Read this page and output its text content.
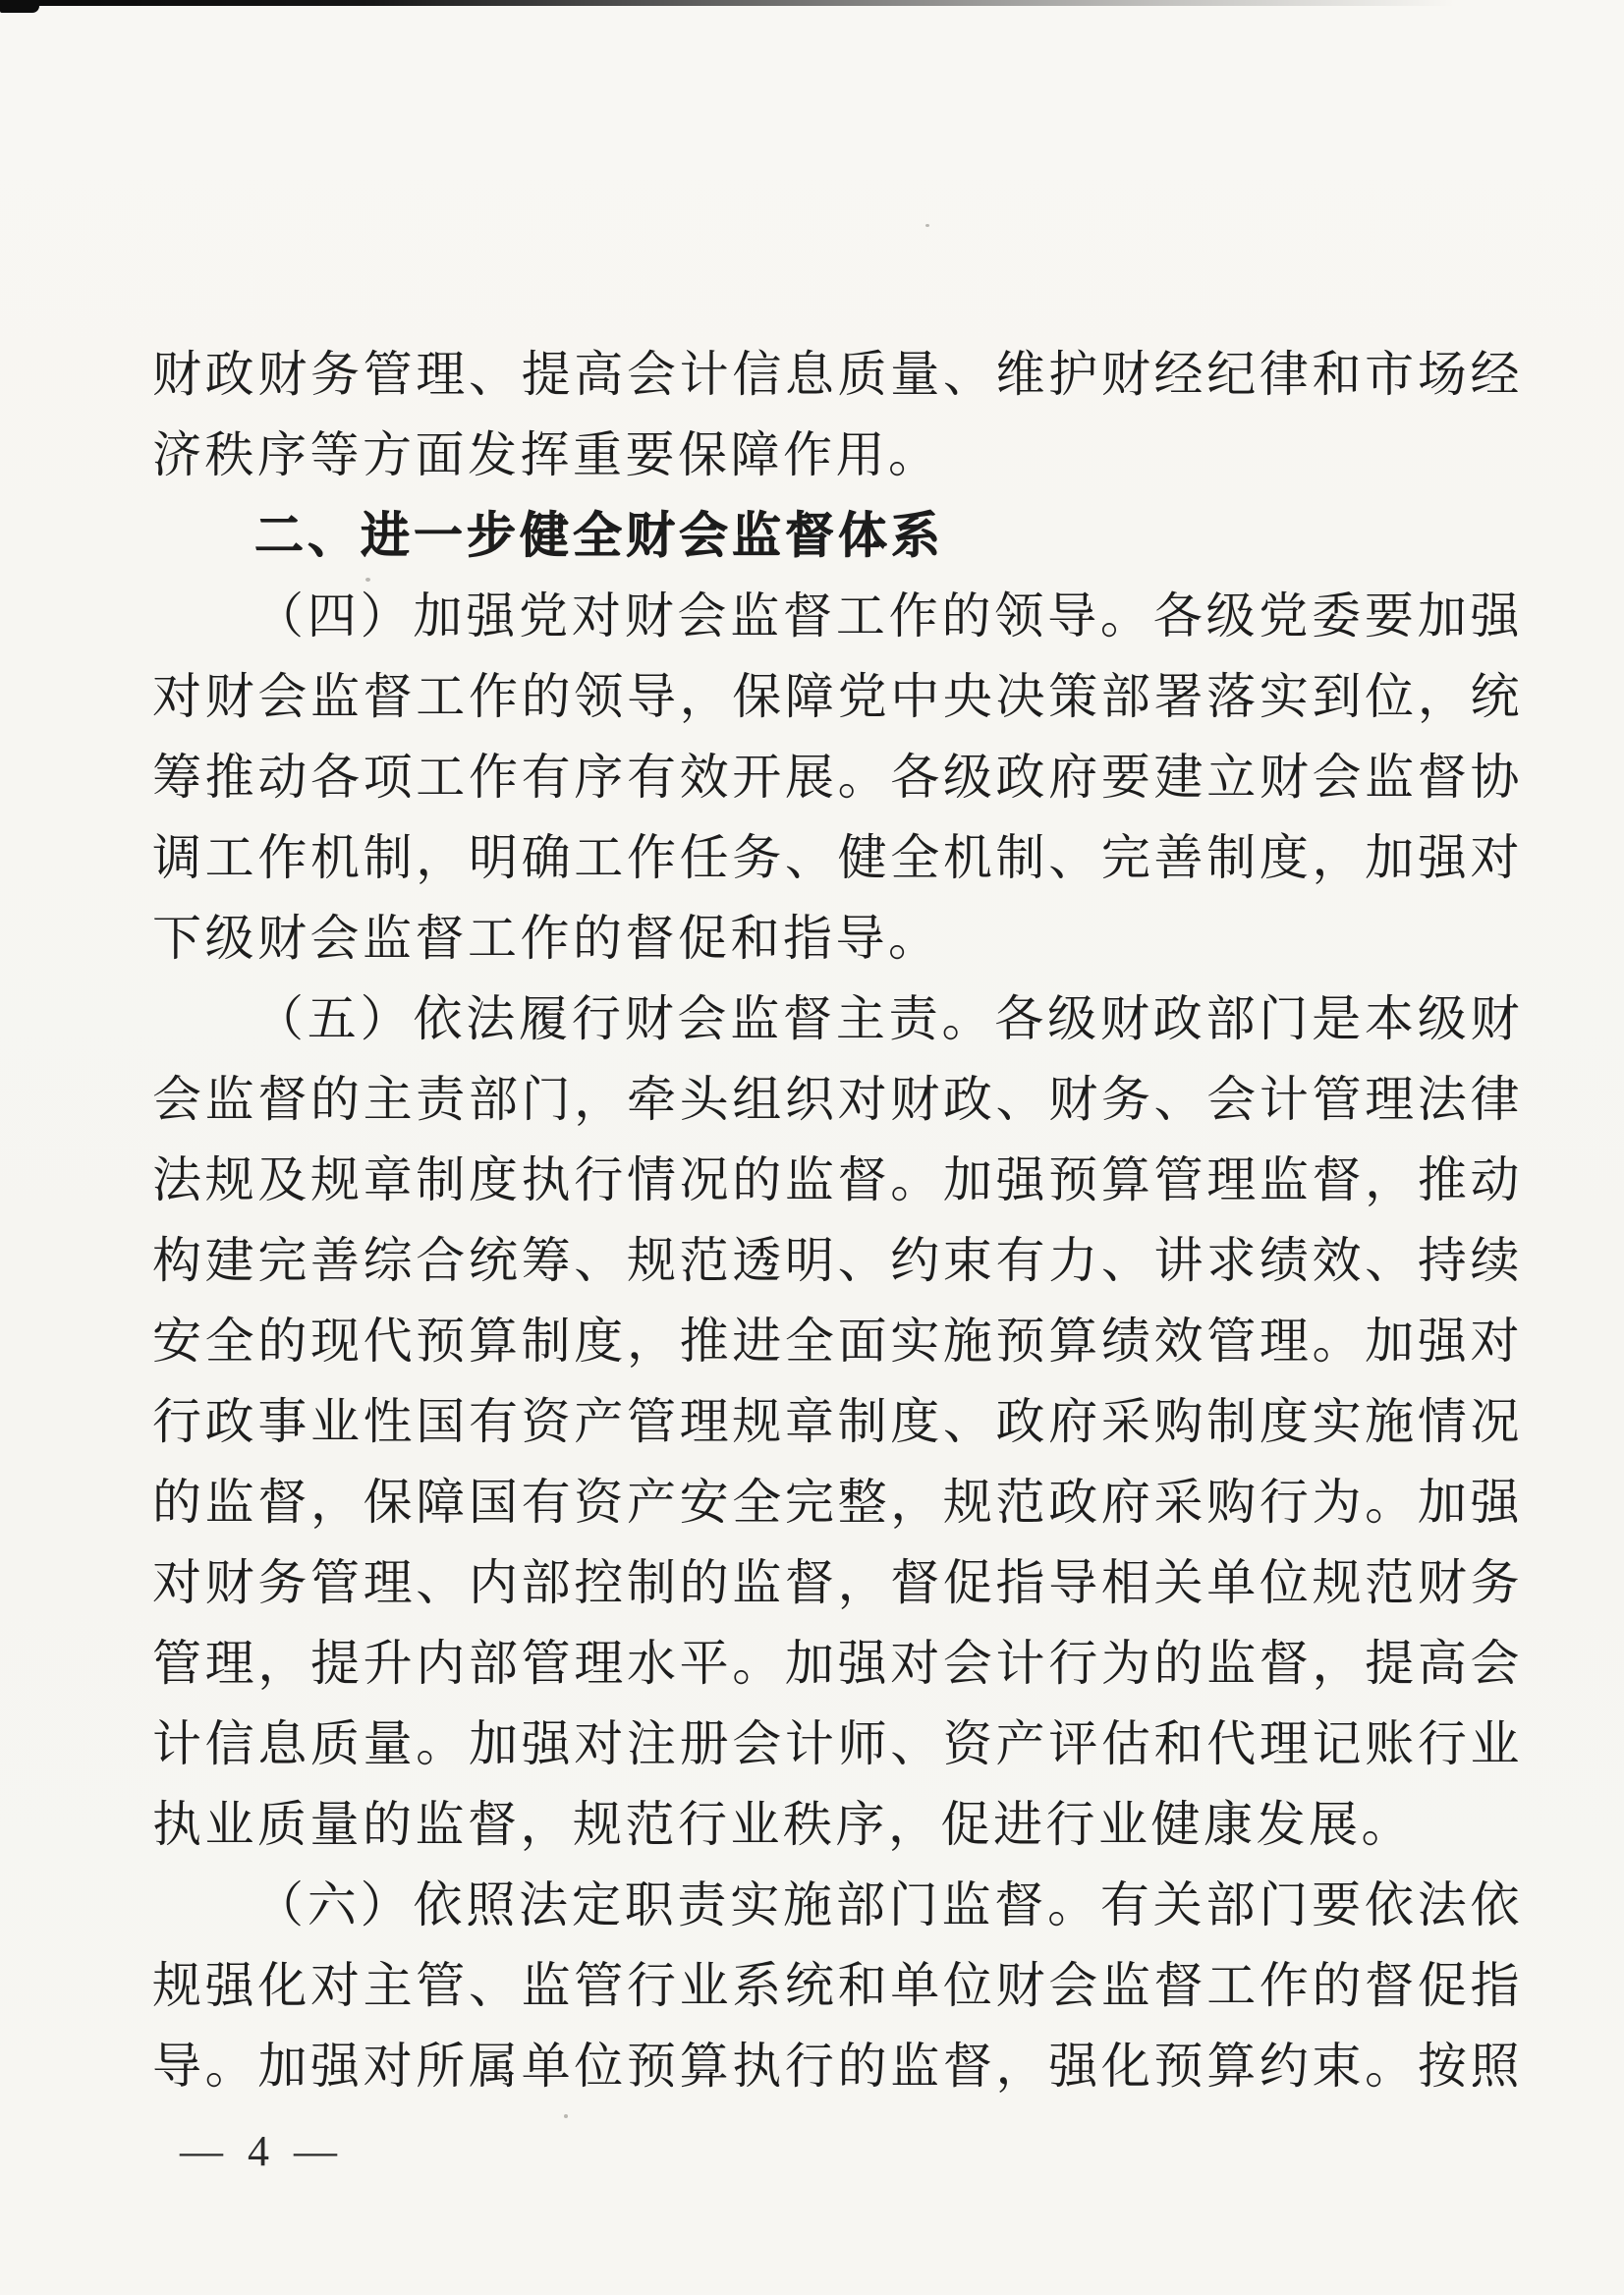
财政财务管理、提高会计信息质量、维护财经纪律和市场经
济秩序等方面发挥重要保障作用。
二、进一步健全财会监督体系
（四）加强党对财会监督工作的领导。各级党委要加强
对财会监督工作的领导，保障党中央决策部署落实到位，统
筹推动各项工作有序有效开展。各级政府要建立财会监督协
调工作机制，明确工作任务、健全机制、完善制度，加强对
下级财会监督工作的督促和指导。
（五）依法履行财会监督主责。各级财政部门是本级财
会监督的主责部门，牵头组织对财政、财务、会计管理法律
法规及规章制度执行情况的监督。加强预算管理监督，推动
构建完善综合统筹、规范透明、约束有力、讲求绩效、持续
安全的现代预算制度，推进全面实施预算绩效管理。加强对
行政事业性国有资产管理规章制度、政府采购制度实施情况
的监督，保障国有资产安全完整，规范政府采购行为。加强
对财务管理、内部控制的监督，督促指导相关单位规范财务
管理，提升内部管理水平。加强对会计行为的监督，提高会
计信息质量。加强对注册会计师、资产评估和代理记账行业
执业质量的监督，规范行业秩序，促进行业健康发展。
（六）依照法定职责实施部门监督。有关部门要依法依
规强化对主管、监管行业系统和单位财会监督工作的督促指
导。加强对所属单位预算执行的监督，强化预算约束。按照
— 4 —
